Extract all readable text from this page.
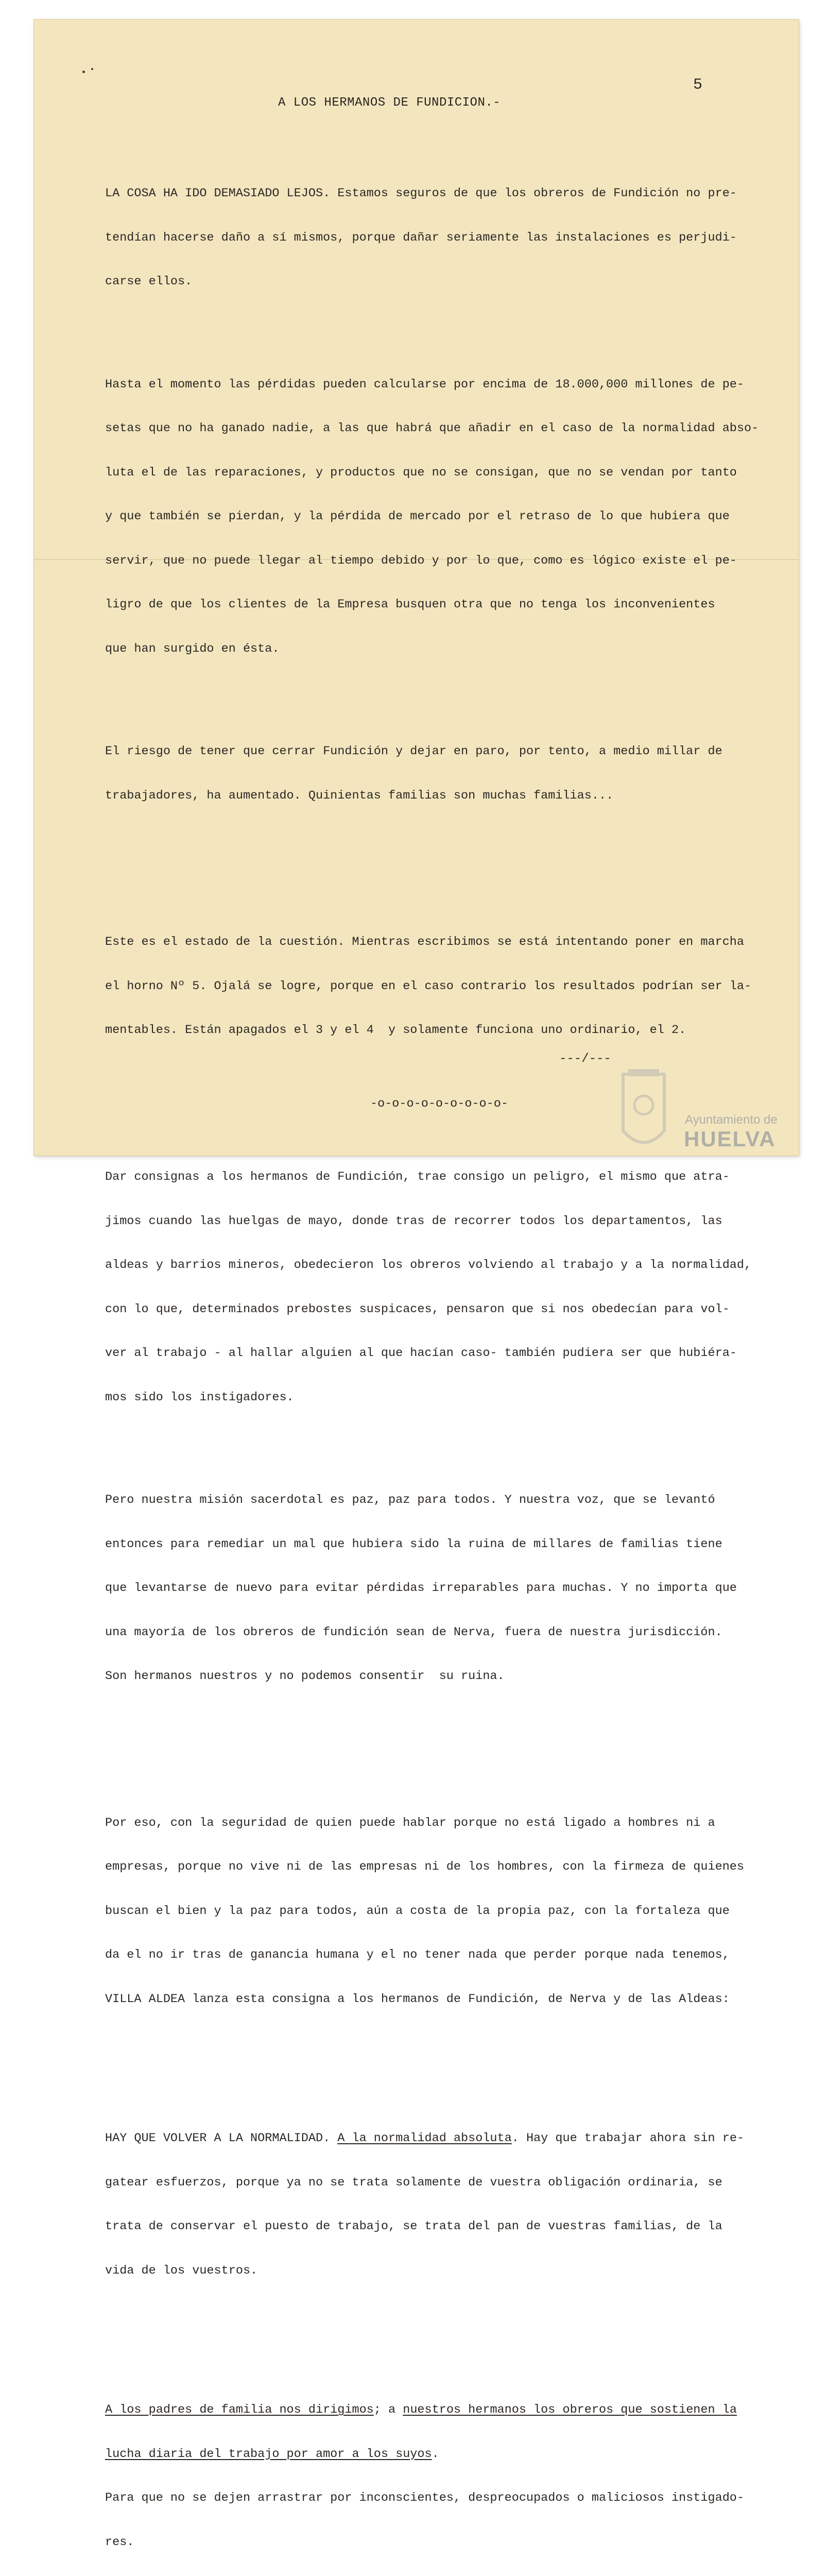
5
A LOS HERMANOS DE FUNDICION.-

LA COSA HA IDO DEMASIADO LEJOS. Estamos seguros de que los obreros de Fundición no pre-

tendían hacerse daño a sí mismos, porque dañar seriamente las instalaciones es perjudi-

carse ellos.

Hasta el momento las pérdidas pueden calcularse por encima de 18.000,000 millones de pe-

setas que no ha ganado nadie, a las que habrá que añadir en el caso de la normalidad abso-

luta el de las reparaciones, y productos que no se consigan, que no se vendan por tanto

y que también se pierdan, y la pérdida de mercado por el retraso de lo que hubiera que

servir, que no puede llegar al tiempo debido y por lo que, como es lógico existe el pe-

ligro de que los clientes de la Empresa busquen otra que no tenga los inconvenientes

que han surgido en ésta.

El riesgo de tener que cerrar Fundición y dejar en paro, por tento, a medio millar de

trabajadores, ha aumentado. Quinientas familias son muchas familias...

Este es el estado de la cuestión. Mientras escribimos se está intentando poner en marcha

el horno Nº 5. Ojalá se logre, porque en el caso contrario los resultados podrían ser la-

mentables. Están apagados el 3 y el 4  y solamente funciona uno ordinario, el 2.

-o-o-o-o-o-o-o-o-o-

Dar consignas a los hermanos de Fundición, trae consigo un peligro, el mismo que atra-

jimos cuando las huelgas de mayo, donde tras de recorrer todos los departamentos, las

aldeas y barrios mineros, obedecieron los obreros volviendo al trabajo y a la normalidad,

con lo que, determinados prebostes suspicaces, pensaron que si nos obedecían para vol-

ver al trabajo - al hallar alguien al que hacían caso- también pudiera ser que hubiéra-

mos sido los instigadores.

Pero nuestra misión sacerdotal es paz, paz para todos. Y nuestra voz, que se levantó

entonces para remediar un mal que hubiera sido la ruina de millares de familias tiene

que levantarse de nuevo para evitar pérdidas irreparables para muchas. Y no importa que

una mayoría de los obreros de fundición sean de Nerva, fuera de nuestra jurisdicción.

Son hermanos nuestros y no podemos consentir  su ruina.

Por eso, con la seguridad de quien puede hablar porque no está ligado a hombres ni a

empresas, porque no vive ni de las empresas ni de los hombres, con la firmeza de quienes

buscan el bien y la paz para todos, aún a costa de la propia paz, con la fortaleza que

da el no ir tras de ganancia humana y el no tener nada que perder porque nada tenemos,

VILLA ALDEA lanza esta consigna a los hermanos de Fundición, de Nerva y de las Aldeas:

HAY QUE VOLVER A LA NORMALIDAD. A la normalidad absoluta. Hay que trabajar ahora sin re-

gatear esfuerzos, porque ya no se trata solamente de vuestra obligación ordinaria, se

trata de conservar el puesto de trabajo, se trata del pan de vuestras familias, de la

vida de los vuestros.

A los padres de familia nos dirigimos; a nuestros hermanos los obreros que sostienen la

lucha diaria del trabajo por amor a los suyos.

Para que no se dejen arrastrar por inconscientes, despreocupados o maliciosos instigado-

res.

---/---
Ayuntamiento de
HUELVA
